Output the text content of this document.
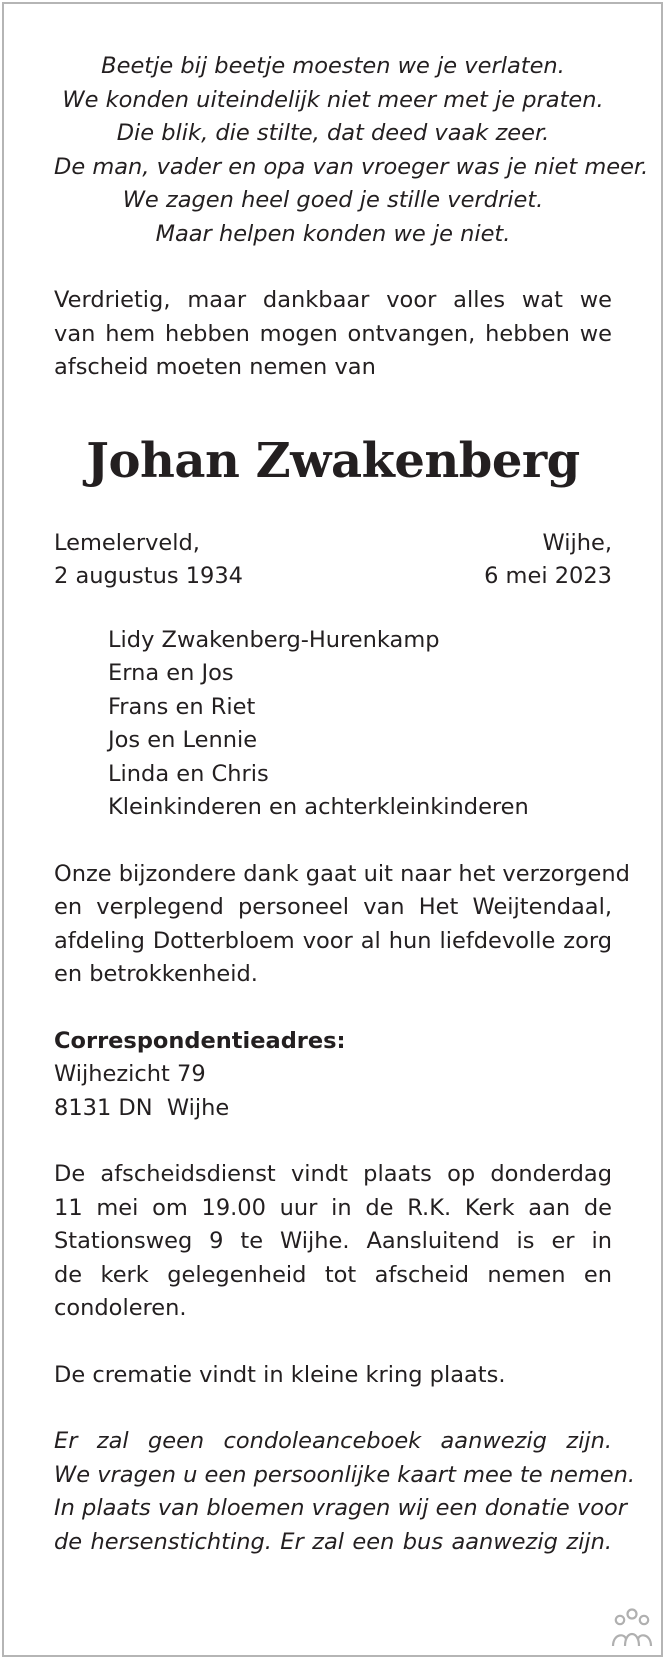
Beetje bij beetje moesten we je verlaten.
We konden uiteindelijk niet meer met je praten.
Die blik, die stilte, dat deed vaak zeer.
De man, vader en opa van vroeger was je niet meer.
We zagen heel goed je stille verdriet.
Maar helpen konden we je niet.
Verdrietig, maar dankbaar voor alles wat we
van hem hebben mogen ontvangen, hebben we
afscheid moeten nemen van
Johan Zwakenberg
Lemelerveld,
2 augustus 1934
Wijhe,
6 mei 2023
Lidy Zwakenberg-Hurenkamp
Erna en Jos
Frans en Riet
Jos en Lennie
Linda en Chris
Kleinkinderen en achterkleinkinderen
Onze bijzondere dank gaat uit naar het verzorgend
en verplegend personeel van Het Weijtendaal,
afdeling Dotterbloem voor al hun liefdevolle zorg
en betrokkenheid.
Correspondentieadres:
Wijhezicht 79
8131 DN  Wijhe
De afscheidsdienst vindt plaats op donderdag
11 mei om 19.00 uur in de R.K. Kerk aan de
Stationsweg 9 te Wijhe. Aansluitend is er in
de kerk gelegenheid tot afscheid nemen en
condoleren.
De crematie vindt in kleine kring plaats.
Er zal geen condoleanceboek aanwezig zijn.
We vragen u een persoonlijke kaart mee te nemen.
In plaats van bloemen vragen wij een donatie voor
de hersenstichting. Er zal een bus aanwezig zijn.
